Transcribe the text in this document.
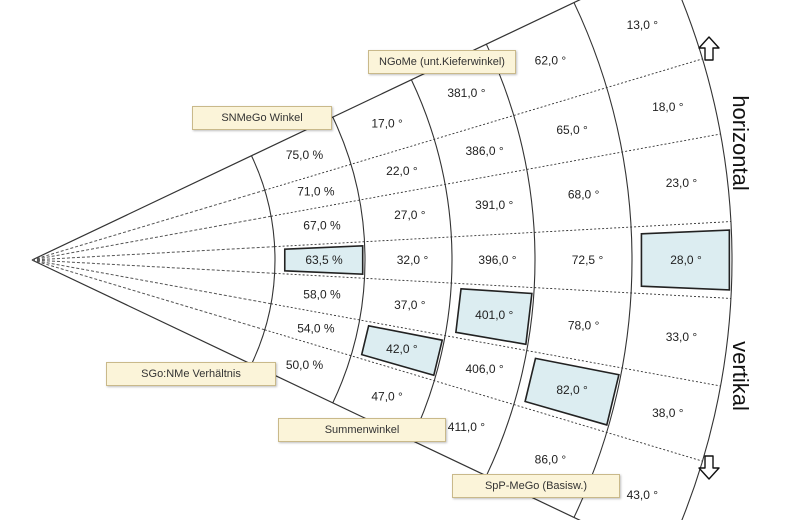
75,0 %
71,0 %
67,0 %
63,5 %
58,0 %
54,0 %
50,0 %
17,0 °
22,0 °
27,0 °
32,0 °
37,0 °
42,0 °
47,0 °
381,0 °
386,0 °
391,0 °
396,0 °
401,0 °
406,0 °
411,0 °
62,0 °
65,0 °
68,0 °
72,5 °
78,0 °
82,0 °
86,0 °
13,0 °
18,0 °
23,0 °
28,0 °
33,0 °
38,0 °
43,0 °
horizontal
vertikal
NGoMe (unt.Kieferwinkel)
SNMeGo Winkel
SGo:NMe Verhältnis
Summenwinkel
SpP-MeGo (Basisw.)
